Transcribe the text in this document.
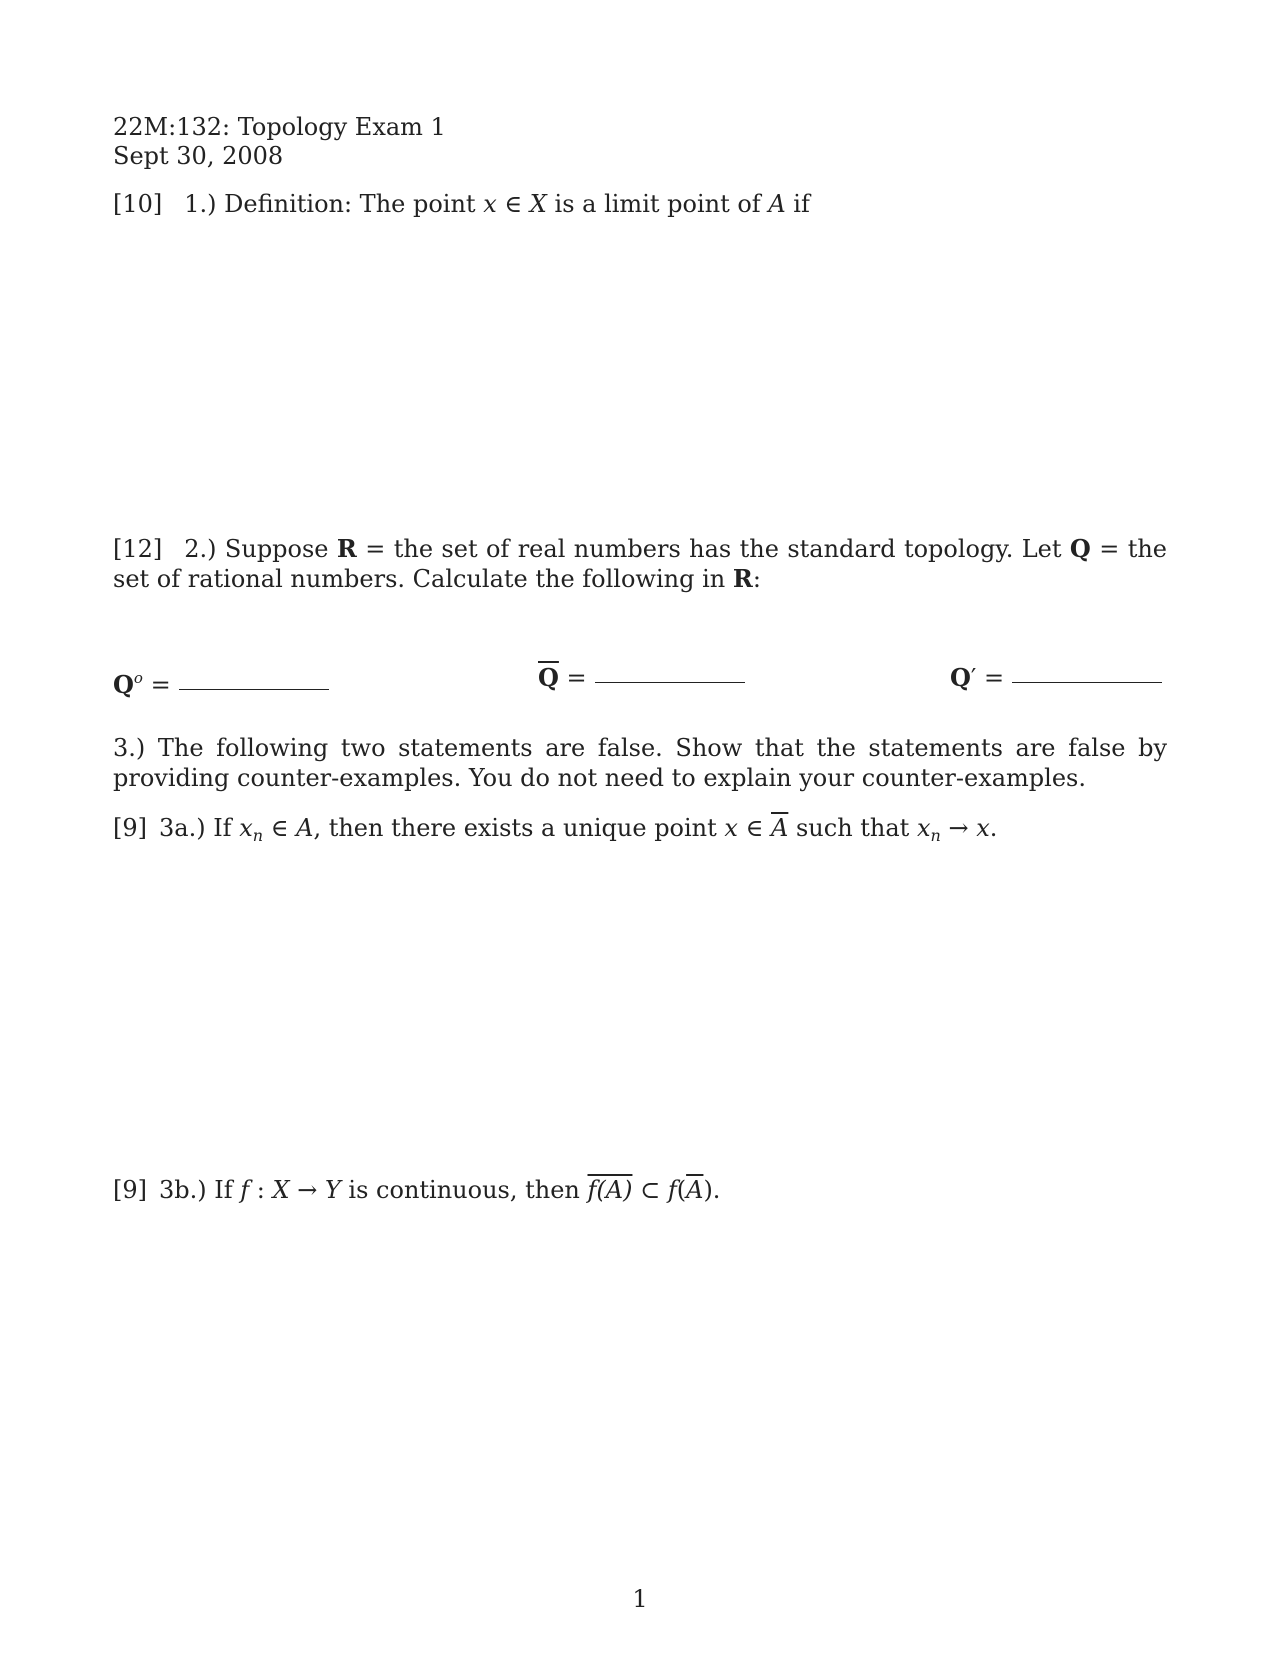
22M:132: Topology Exam 1
Sept 30, 2008
[10] 1.) Definition: The point x ∈ X is a limit point of A if
[12] 2.) Suppose R = the set of real numbers has the standard topology. Let Q = the set of rational numbers. Calculate the following in R:
$Q^o$ =	$\overline{Q}$ =	Q′ =
3.) The following two statements are false. Show that the statements are false by providing counter-examples. You do not need to explain your counter-examples.
[9] 3a.) If $x_n$ ∈ A, then there exists a unique point x ∈ $\overline{A}$ such that $x_n \to x$.
[9] 3b.) If f : X → Y is continuous, then f(A) ⊂ $f(\overline{A})$.
1
